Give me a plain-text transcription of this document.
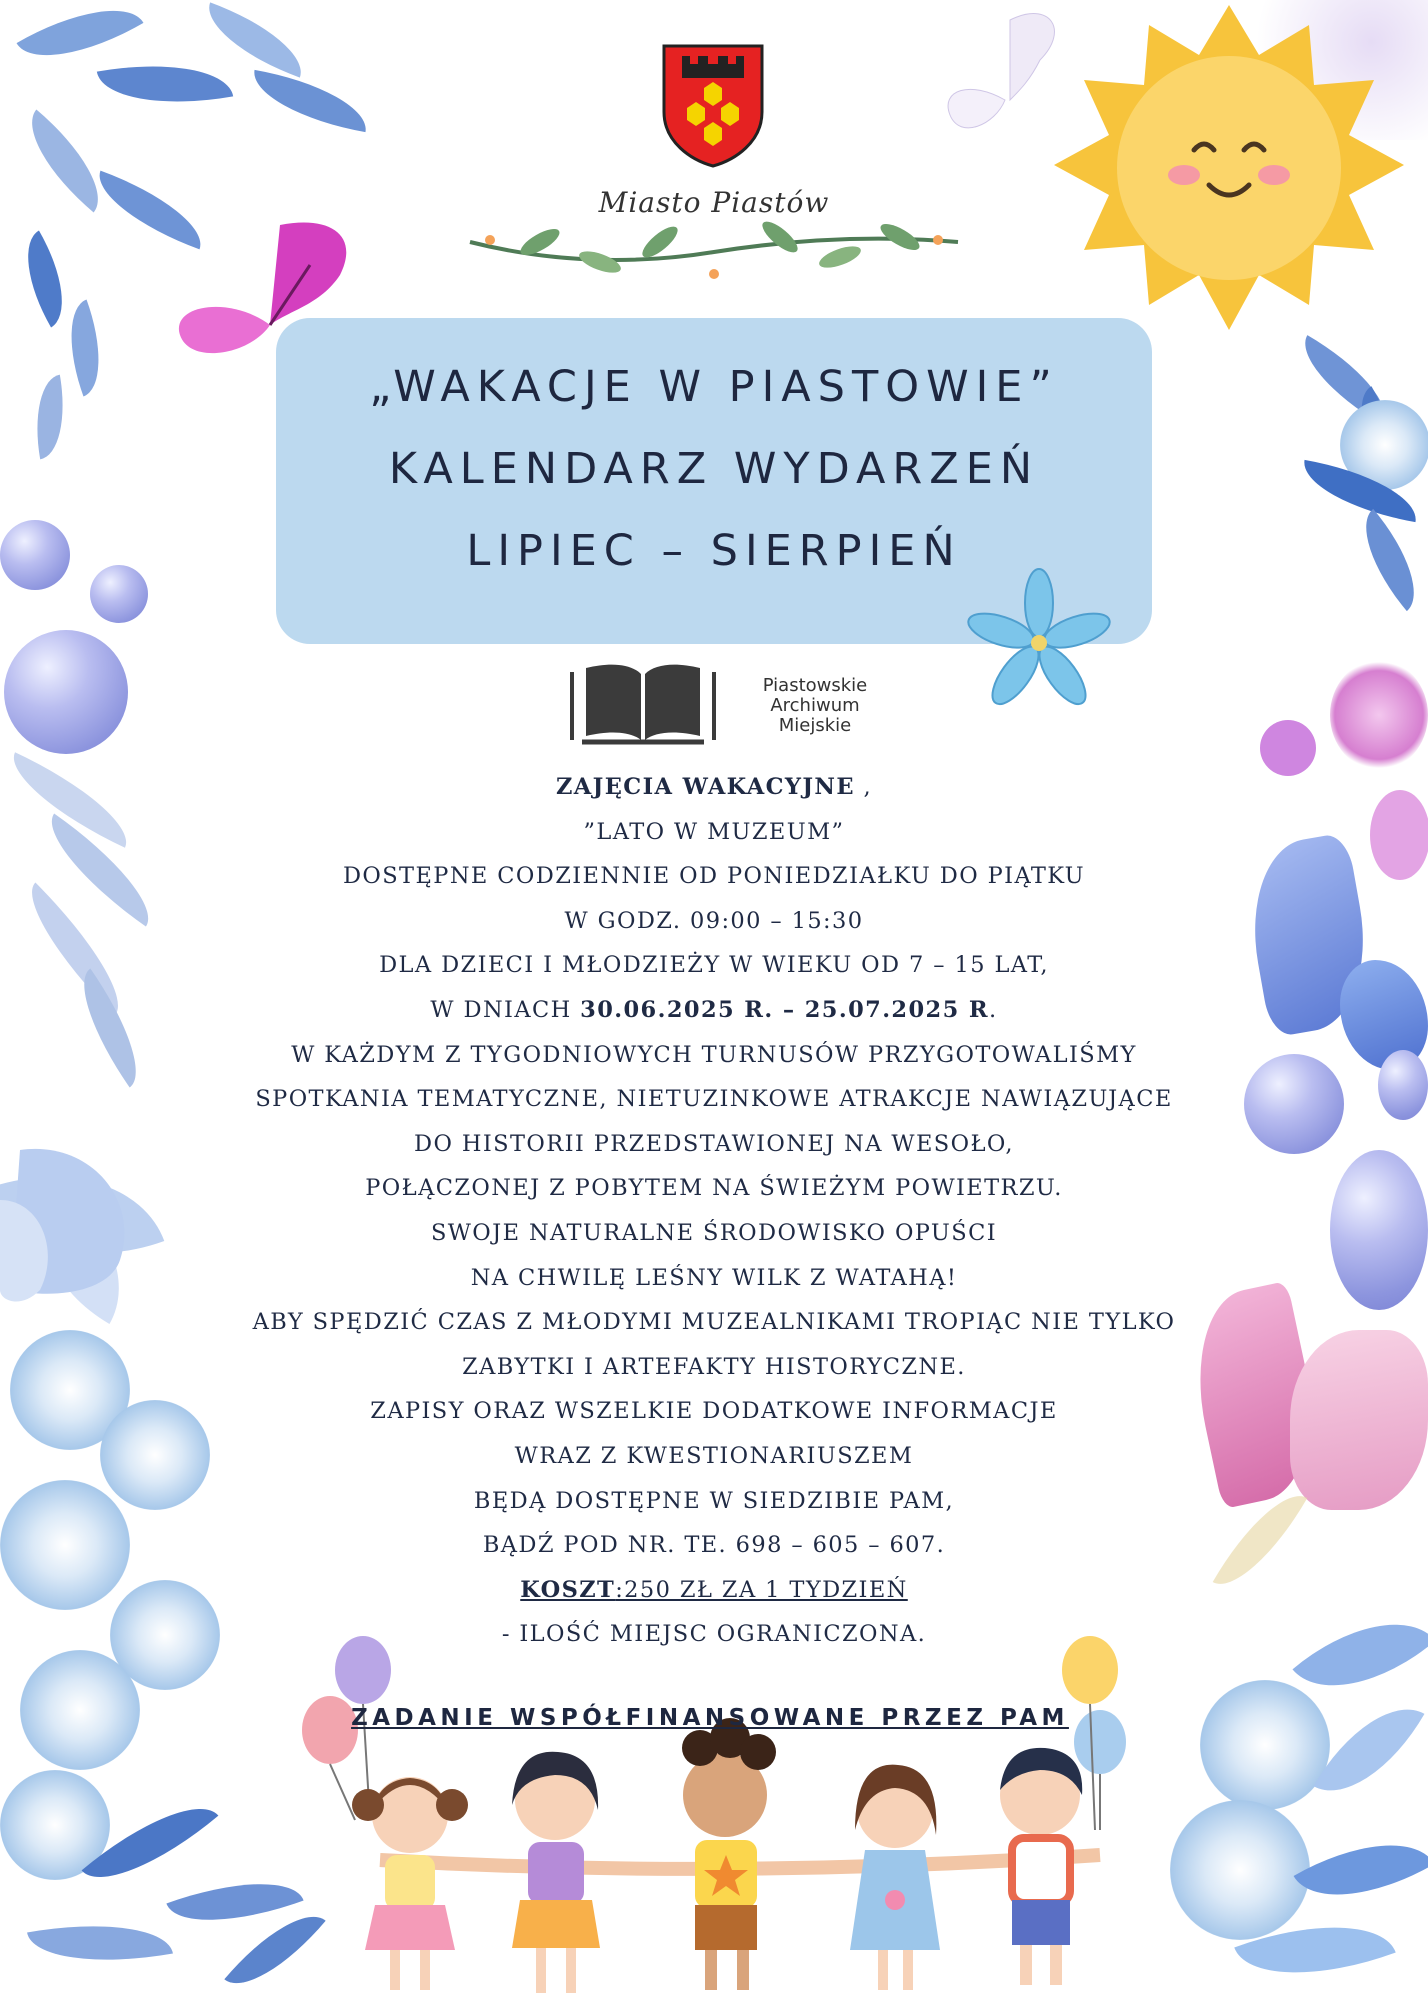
Miasto Piastów
„WAKACJE W PIASTOWIE”
KALENDARZ WYDARZEŃ
LIPIEC – SIERPIEŃ
Piastowskie
Archiwum
Miejskie
ZAJĘCIA WAKACYJNE ,
”LATO W MUZEUM”
DOSTĘPNE CODZIENNIE OD PONIEDZIAŁKU DO PIĄTKU
W GODZ. 09:00 – 15:30
DLA DZIECI I MŁODZIEŻY W WIEKU OD 7 – 15 LAT,
W DNIACH 30.06.2025 R. – 25.07.2025 R.
W KAŻDYM Z TYGODNIOWYCH TURNUSÓW PRZYGOTOWALIŚMY
SPOTKANIA TEMATYCZNE, NIETUZINKOWE ATRAKCJE NAWIĄZUJĄCE
DO HISTORII PRZEDSTAWIONEJ NA WESOŁO,
POŁĄCZONEJ Z POBYTEM NA ŚWIEŻYM POWIETRZU.
SWOJE NATURALNE ŚRODOWISKO OPUŚCI
NA CHWILĘ LEŚNY WILK Z WATAHĄ!
ABY SPĘDZIĆ CZAS Z MŁODYMI MUZEALNIKAMI TROPIĄC NIE TYLKO
ZABYTKI I ARTEFAKTY HISTORYCZNE.
ZAPISY ORAZ WSZELKIE DODATKOWE INFORMACJE
WRAZ Z KWESTIONARIUSZEM
BĘDĄ DOSTĘPNE W SIEDZIBIE PAM,
BĄDŹ POD NR. TE. 698 – 605 – 607.
KOSZT:250 ZŁ ZA 1 TYDZIEŃ
- ILOŚĆ MIEJSC OGRANICZONA.
ZADANIE WSPÓŁFINANSOWANE PRZEZ PAM
